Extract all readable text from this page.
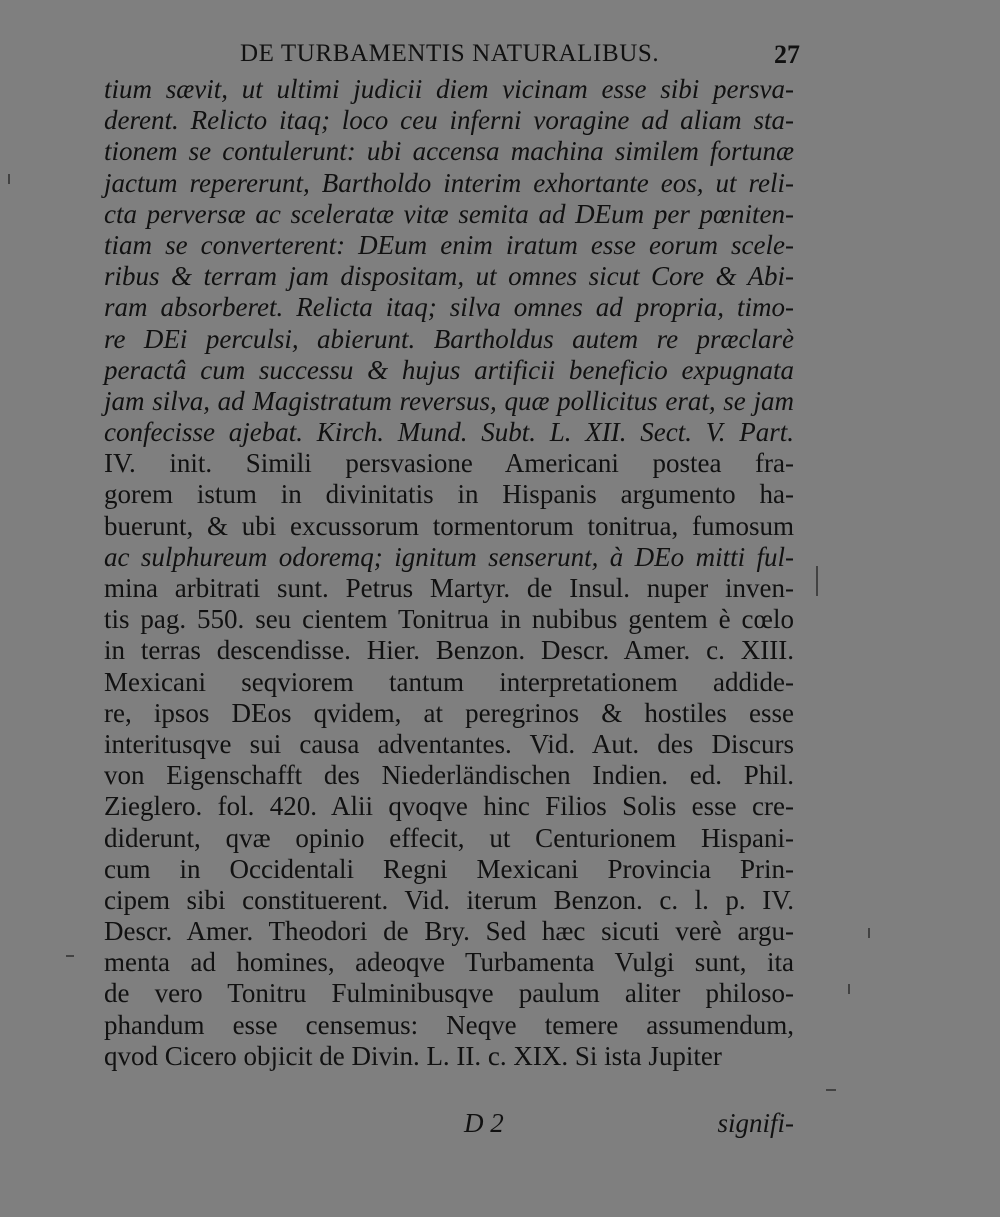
DE TURBAMENTIS NATURALIBUS.	27
tium sævit, ut ultimi judicii diem vicinam esse sibi persva-
derent. Relicto itaq; loco ceu inferni voragine ad aliam sta-
tionem se contulerunt: ubi accensa machina similem fortunæ
jactum repererunt, Bartholdo interim exhortante eos, ut reli-
cta perversæ ac sceleratæ vitæ semita ad DEum per pœniten-
tiam se converterent: DEum enim iratum esse eorum scele-
ribus & terram jam dispositam, ut omnes sicut Core & Abi-
ram absorberet. Relicta itaq; silva omnes ad propria, timo-
re DEi perculsi, abierunt. Bartholdus autem re præclarè
peractâ cum successu & hujus artificii beneficio expugnata
jam silva, ad Magistratum reversus, quæ pollicitus erat, se jam
confecisse ajebat. Kirch. Mund. Subt. L. XII. Sect. V. Part.
IV. init. Simili persvasione Americani postea fra-
gorem istum in divinitatis in Hispanis argumento ha-
buerunt, & ubi excussorum tormentorum tonitrua, fumosum
ac sulphureum odoremq; ignitum senserunt, à DEo mitti ful-
mina arbitrati sunt. Petrus Martyr. de Insul. nuper inven-
tis pag. 550. seu cientem Tonitrua in nubibus gentem è cœlo
in terras descendisse. Hier. Benzon. Descr. Amer. c. XIII.
Mexicani seqviorem tantum interpretationem addide-
re, ipsos DEos qvidem, at peregrinos & hostiles esse
interitusqve sui causa adventantes. Vid. Aut. des Discurs
von Eigenschafft des Niederländischen Indien. ed. Phil.
Zieglero. fol. 420. Alii qvoqve hinc Filios Solis esse cre-
diderunt, qvæ opinio effecit, ut Centurionem Hispani-
cum in Occidentali Regni Mexicani Provincia Prin-
cipem sibi constituerent. Vid. iterum Benzon. c. l. p. IV.
Descr. Amer. Theodori de Bry. Sed hæc sicuti verè argu-
menta ad homines, adeoqve Turbamenta Vulgi sunt, ita
de vero Tonitru Fulminibusqve paulum aliter philoso-
phandum esse censemus: Neqve temere assumendum,
qvod Cicero objicit de Divin. L. II. c. XIX. Si ista Jupiter
D 2	signifi-
